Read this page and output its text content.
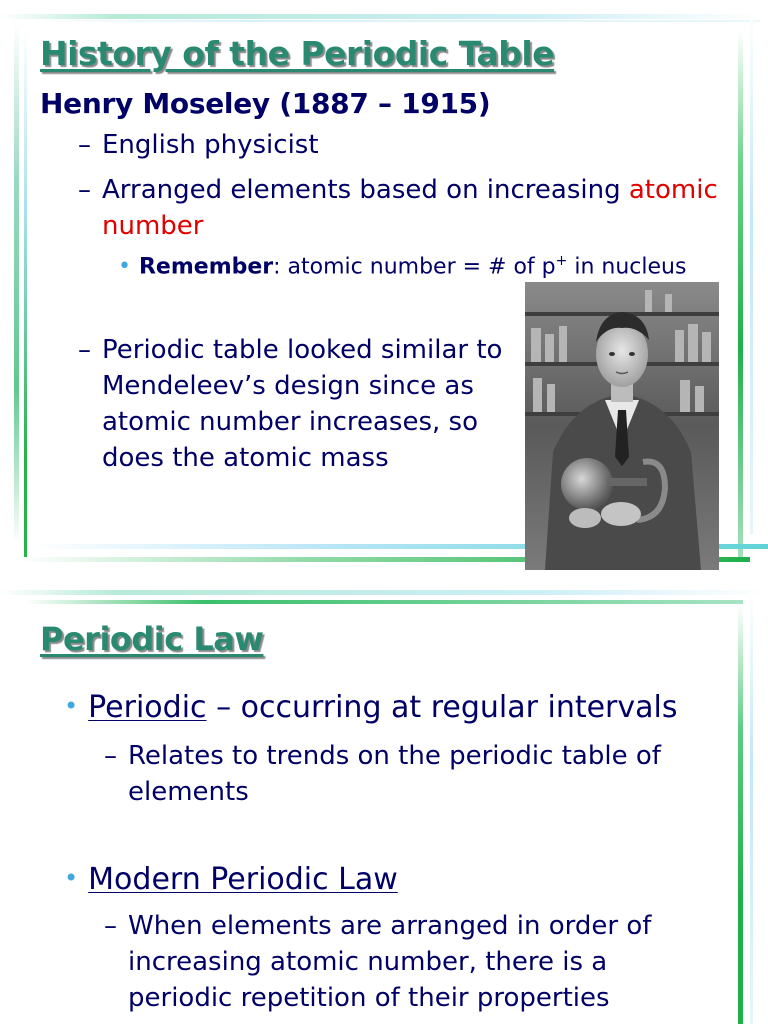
History of the Periodic Table
Henry Moseley (1887 – 1915)
– English physicist
– Arranged elements based on increasing atomic
number
• Remember: atomic number = # of p+ in nucleus
– Periodic table looked similar to Mendeleev’s design since as atomic number increases, so does the atomic mass
Periodic Law
• Periodic – occurring at regular intervals
– Relates to trends on the periodic table of elements
• Modern Periodic Law
– When elements are arranged in order of increasing atomic number, there is a periodic repetition of their properties
